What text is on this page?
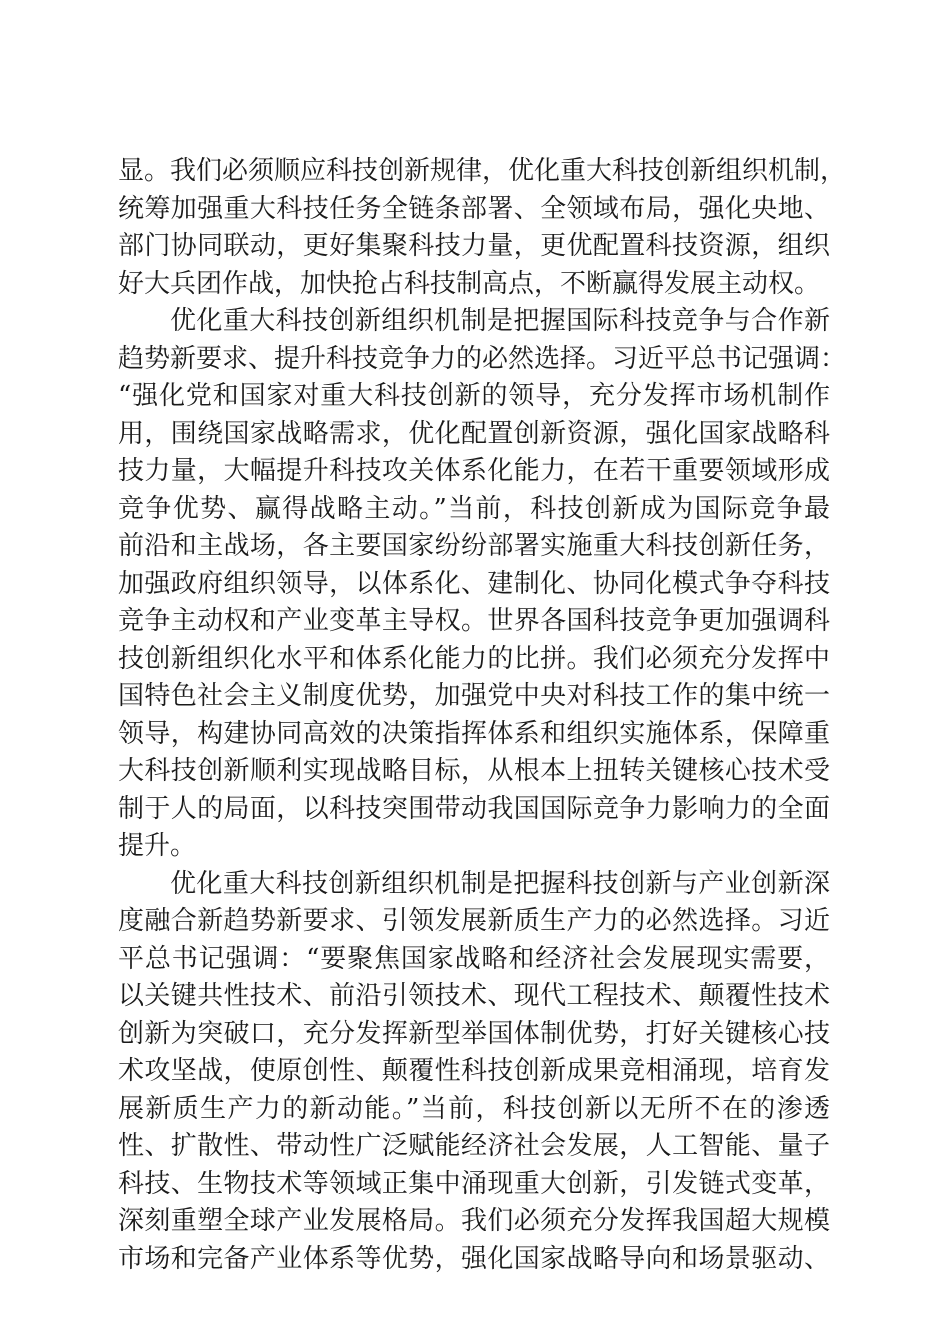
显。我们必须顺应科技创新规律，优化重大科技创新组织机制，
统筹加强重大科技任务全链条部署、全领域布局，强化央地、
部门协同联动，更好集聚科技力量，更优配置科技资源，组织
好大兵团作战，加快抢占科技制高点，不断赢得发展主动权。
优化重大科技创新组织机制是把握国际科技竞争与合作新
趋势新要求、提升科技竞争力的必然选择。习近平总书记强调：
“强化党和国家对重大科技创新的领导，充分发挥市场机制作
用，围绕国家战略需求，优化配置创新资源，强化国家战略科
技力量，大幅提升科技攻关体系化能力，在若干重要领域形成
竞争优势、赢得战略主动。”当前，科技创新成为国际竞争最
前沿和主战场，各主要国家纷纷部署实施重大科技创新任务，
加强政府组织领导，以体系化、建制化、协同化模式争夺科技
竞争主动权和产业变革主导权。世界各国科技竞争更加强调科
技创新组织化水平和体系化能力的比拼。我们必须充分发挥中
国特色社会主义制度优势，加强党中央对科技工作的集中统一
领导，构建协同高效的决策指挥体系和组织实施体系，保障重
大科技创新顺利实现战略目标，从根本上扭转关键核心技术受
制于人的局面，以科技突围带动我国国际竞争力影响力的全面
提升。
优化重大科技创新组织机制是把握科技创新与产业创新深
度融合新趋势新要求、引领发展新质生产力的必然选择。习近
平总书记强调：“要聚焦国家战略和经济社会发展现实需要，
以关键共性技术、前沿引领技术、现代工程技术、颠覆性技术
创新为突破口，充分发挥新型举国体制优势，打好关键核心技
术攻坚战，使原创性、颠覆性科技创新成果竞相涌现，培育发
展新质生产力的新动能。”当前，科技创新以无所不在的渗透
性、扩散性、带动性广泛赋能经济社会发展，人工智能、量子
科技、生物技术等领域正集中涌现重大创新，引发链式变革，
深刻重塑全球产业发展格局。我们必须充分发挥我国超大规模
市场和完备产业体系等优势，强化国家战略导向和场景驱动、
